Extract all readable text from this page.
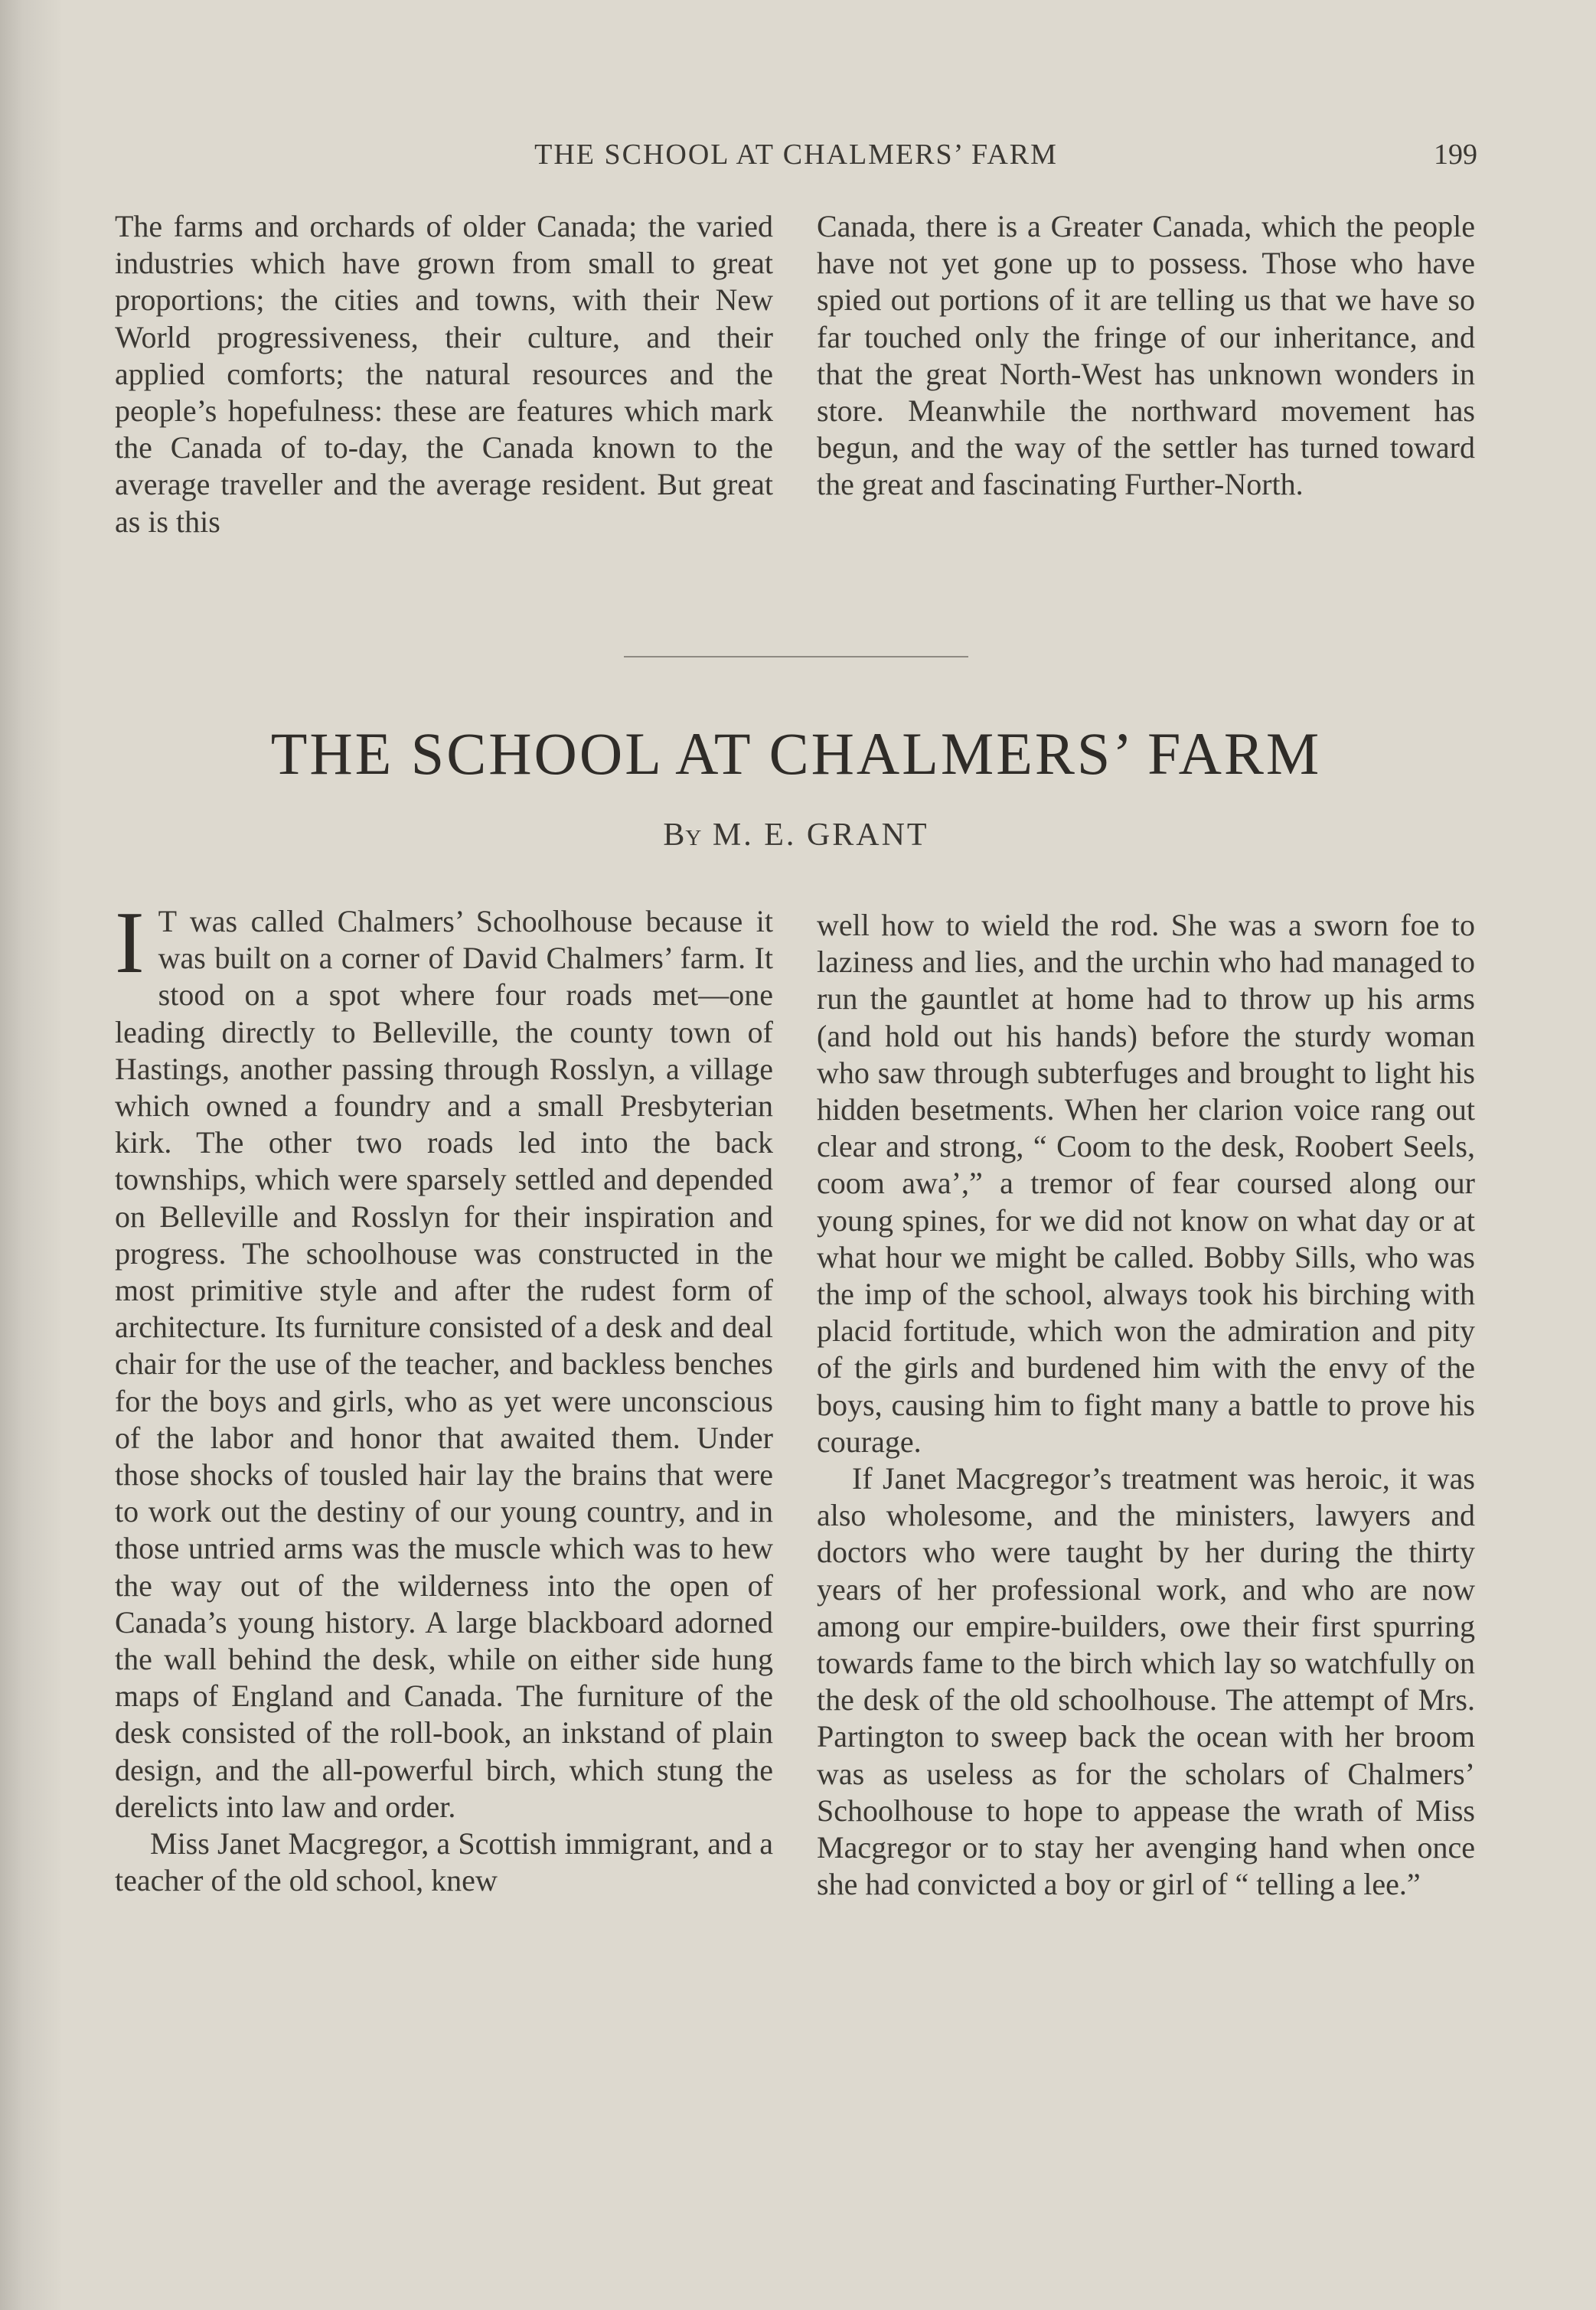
THE SCHOOL AT CHALMERS’ FARM	199

The farms and orchards of older Canada; the varied industries which have grown from small to great proportions; the cities and towns, with their New World progressiveness, their culture, and their applied comforts; the natural resources and the people’s hopefulness: these are features which mark the Canada of to-day, the Canada known to the average traveller and the average resident. But great as is this

Canada, there is a Greater Canada, which the people have not yet gone up to possess. Those who have spied out portions of it are telling us that we have so far touched only the fringe of our inheritance, and that the great North-West has unknown wonders in store. Meanwhile the northward movement has begun, and the way of the settler has turned toward the great and fascinating Further-North.

THE SCHOOL AT CHALMERS’ FARM
By M. E. GRANT

I T was called Chalmers’ Schoolhouse because it was built on a corner of David Chalmers’ farm. It stood on a spot where four roads met—one leading directly to Belleville, the county town of Hastings, another passing through Rosslyn, a village which owned a foundry and a small Presbyterian kirk. The other two roads led into the back townships, which were sparsely settled and depended on Belleville and Rosslyn for their inspiration and progress. The schoolhouse was constructed in the most primitive style and after the rudest form of architecture. Its furniture consisted of a desk and deal chair for the use of the teacher, and backless benches for the boys and girls, who as yet were unconscious of the labor and honor that awaited them. Under those shocks of tousled hair lay the brains that were to work out the destiny of our young country, and in those untried arms was the muscle which was to hew the way out of the wilderness into the open of Canada’s young history. A large blackboard adorned the wall behind the desk, while on either side hung maps of England and Canada. The furniture of the desk consisted of the roll-book, an inkstand of plain design, and the all-powerful birch, which stung the derelicts into law and order.

Miss Janet Macgregor, a Scottish immigrant, and a teacher of the old school, knew

well how to wield the rod. She was a sworn foe to laziness and lies, and the urchin who had managed to run the gauntlet at home had to throw up his arms (and hold out his hands) before the sturdy woman who saw through subterfuges and brought to light his hidden besetments. When her clarion voice rang out clear and strong, “ Coom to the desk, Roobert Seels, coom awa’,” a tremor of fear coursed along our young spines, for we did not know on what day or at what hour we might be called. Bobby Sills, who was the imp of the school, always took his birching with placid fortitude, which won the admiration and pity of the girls and burdened him with the envy of the boys, causing him to fight many a battle to prove his courage.

If Janet Macgregor’s treatment was heroic, it was also wholesome, and the ministers, lawyers and doctors who were taught by her during the thirty years of her professional work, and who are now among our empire-builders, owe their first spurring towards fame to the birch which lay so watchfully on the desk of the old schoolhouse. The attempt of Mrs. Partington to sweep back the ocean with her broom was as useless as for the scholars of Chalmers’ Schoolhouse to hope to appease the wrath of Miss Macgregor or to stay her avenging hand when once she had convicted a boy or girl of “ telling a lee.”
